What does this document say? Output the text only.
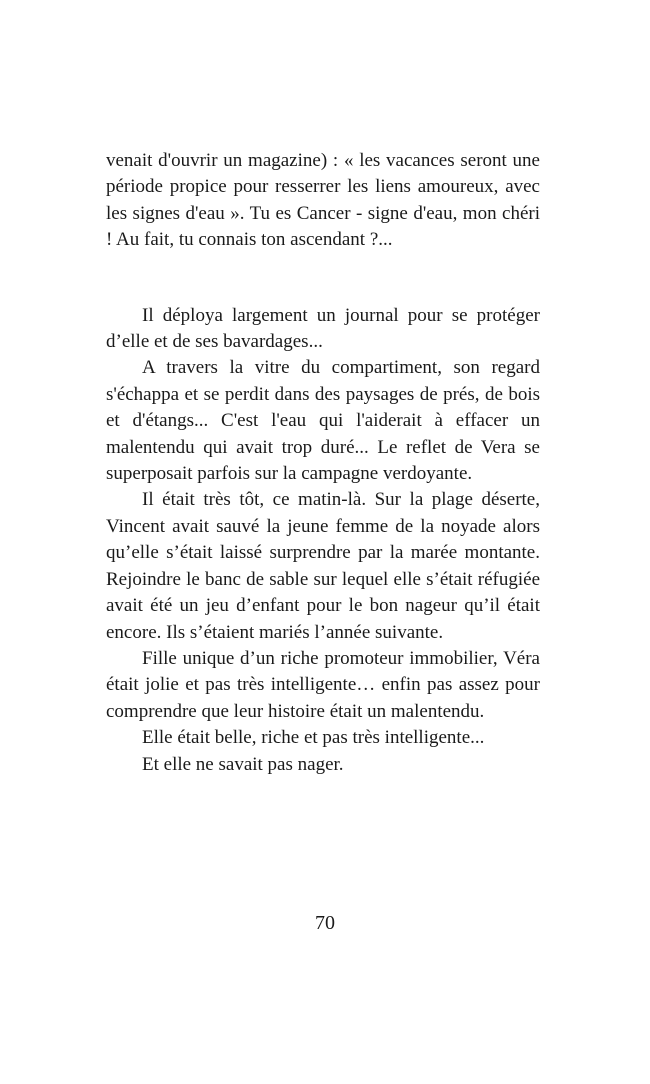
venait d'ouvrir un magazine) : « les vacances seront une période propice pour resserrer les liens amoureux, avec les signes d'eau ». Tu es Cancer - signe d'eau, mon chéri ! Au fait, tu connais ton ascendant ?...

Il déploya largement un journal pour se protéger d’elle et de ses bavardages...

A travers la vitre du compartiment, son regard s'échappa et se perdit dans des paysages de prés, de bois et d'étangs... C'est l'eau qui l'aiderait à effacer un malentendu qui avait trop duré... Le reflet de Vera se superposait parfois sur la campagne verdoyante.

Il était très tôt, ce matin-là. Sur la plage déserte, Vincent avait sauvé la jeune femme de la noyade alors qu’elle s’était laissé surprendre par la marée montante. Rejoindre le banc de sable sur lequel elle s’était réfugiée avait été un jeu d’enfant pour le bon nageur qu’il était encore. Ils s’étaient mariés l’année suivante.

Fille unique d’un riche promoteur immobilier, Véra était jolie et pas très intelligente… enfin pas assez pour comprendre que leur histoire était un malentendu.

Elle était belle, riche et pas très intelligente...

Et elle ne savait pas nager.

70
